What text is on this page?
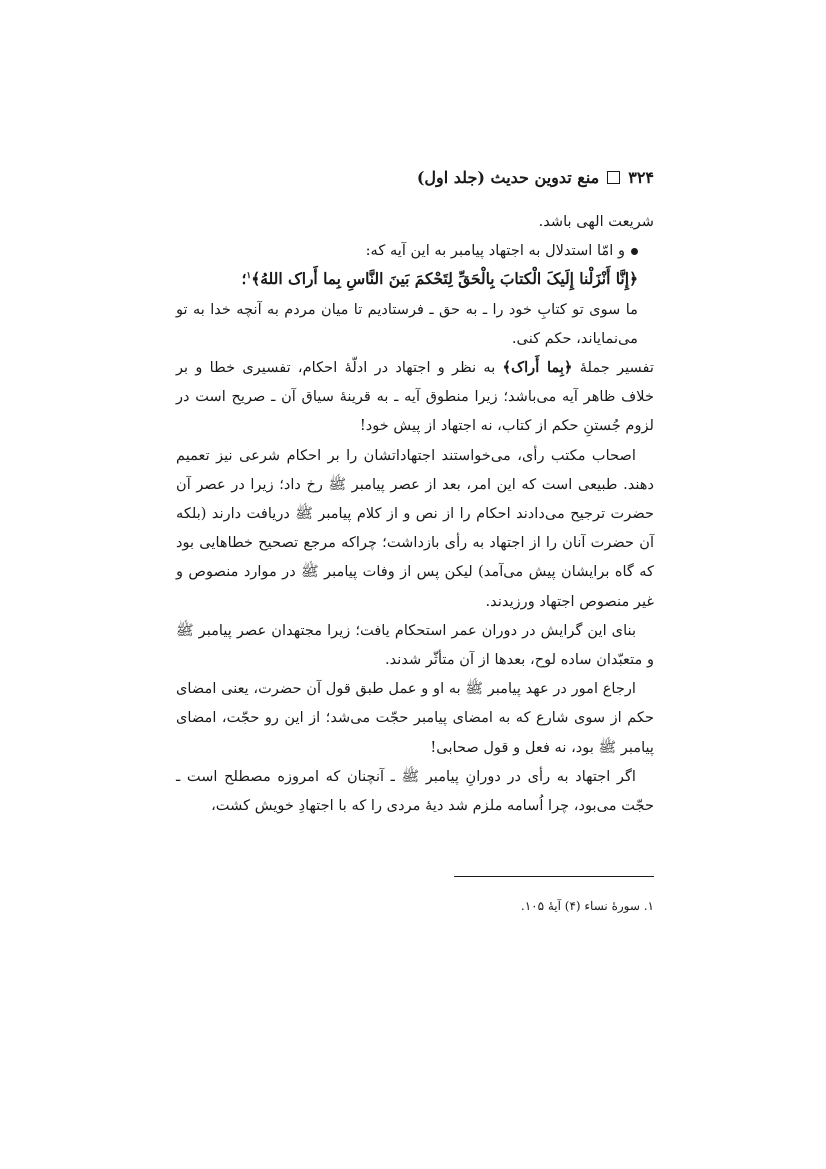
۳۲۴
منع تدوین حدیث (جلد اول)

شریعت الهی باشد.

و امّا استدلال به اجتهاد پیامبر به این آیه که:

﴿إِنَّا أَنْزَلْنا إِلَیکَ الْکتابَ بِالْحَقِّ لِتَحْکمَ بَینَ النَّاسِ بِما أَراک اللهُ﴾$^۱$؛

ما سوی تو کتابِ خود را ـ به حق ـ فرستادیم تا میان مردم به آنچه خدا به تو می‌نمایاند، حکم کنی.

تفسیر جملهٔ ﴿بِما أَراک﴾ به نظر و اجتهاد در ادلّهٔ احکام، تفسیری خطا و بر خلاف ظاهر آیه می‌باشد؛ زیرا منطوق آیه ـ به قرینهٔ سیاق آن ـ صریح است در لزوم جُستنِ حکم از کتاب، نه اجتهاد از پیش خود!

اصحاب مکتب رأی، می‌خواستند اجتهاداتشان را بر احکام شرعی نیز تعمیم دهند. طبیعی است که این امر، بعد از عصر پیامبر ﷺ رخ داد؛ زیرا در عصر آن حضرت ترجیح می‌دادند احکام را از نص و از کلام پیامبر ﷺ دریافت دارند (بلکه آن حضرت آنان را از اجتهاد به رأی بازداشت؛ چراکه مرجع تصحیح خطاهایی بود که گاه برایشان پیش می‌آمد) لیکن پس از وفات پیامبر ﷺ در موارد منصوص و غیر منصوص اجتهاد ورزیدند.

بنای این گرایش در دوران عمر استحکام یافت؛ زیرا مجتهدان عصر پیامبر ﷺ و متعبّدان ساده لوح، بعدها از آن متأثّر شدند.

ارجاع امور در عهد پیامبر ﷺ به او و عمل طبق قول آن حضرت، یعنی امضای حکم از سوی شارع که به امضای پیامبر حجّت می‌شد؛ از این رو حجّت، امضای پیامبر ﷺ بود، نه فعل و قول صحابی!

اگر اجتهاد به رأی در دورانِ پیامبر ﷺ ـ آنچنان که امروزه مصطلح است ـ حجّت می‌بود، چرا اُسامه ملزم شد دیهٔ مردی را که با اجتهادِ خویش کشت،

۱. سورهٔ نساء (۴) آیهٔ ۱۰۵.
